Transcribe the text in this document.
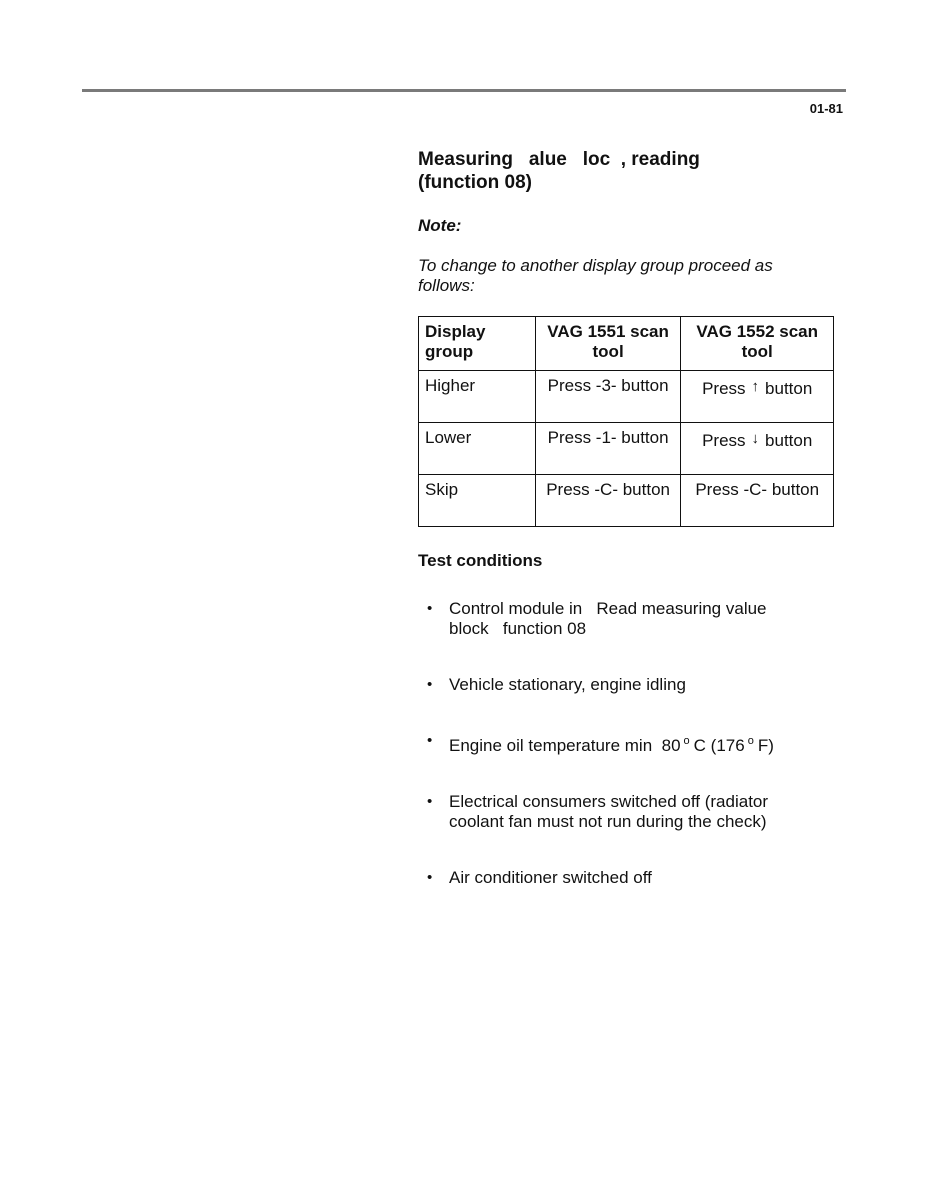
01-81
Measuring   alue   loc  , reading
(function 08)
Note:
To change to another display group proceed as follows:
Display group	VAG 1551 scan tool	VAG 1552 scan tool
Higher	Press -3- button	Press ↑ button
Lower	Press -1- button	Press ↓ button
Skip	Press -C- button	Press -C- button
Test conditions
• Control module in   Read measuring value block   function 08
• Vehicle stationary, engine idling
• Engine oil temperature min  80 $^o$ C (176 $^o$ F)
• Electrical consumers switched off (radiator coolant fan must not run during the check)
• Air conditioner switched off
